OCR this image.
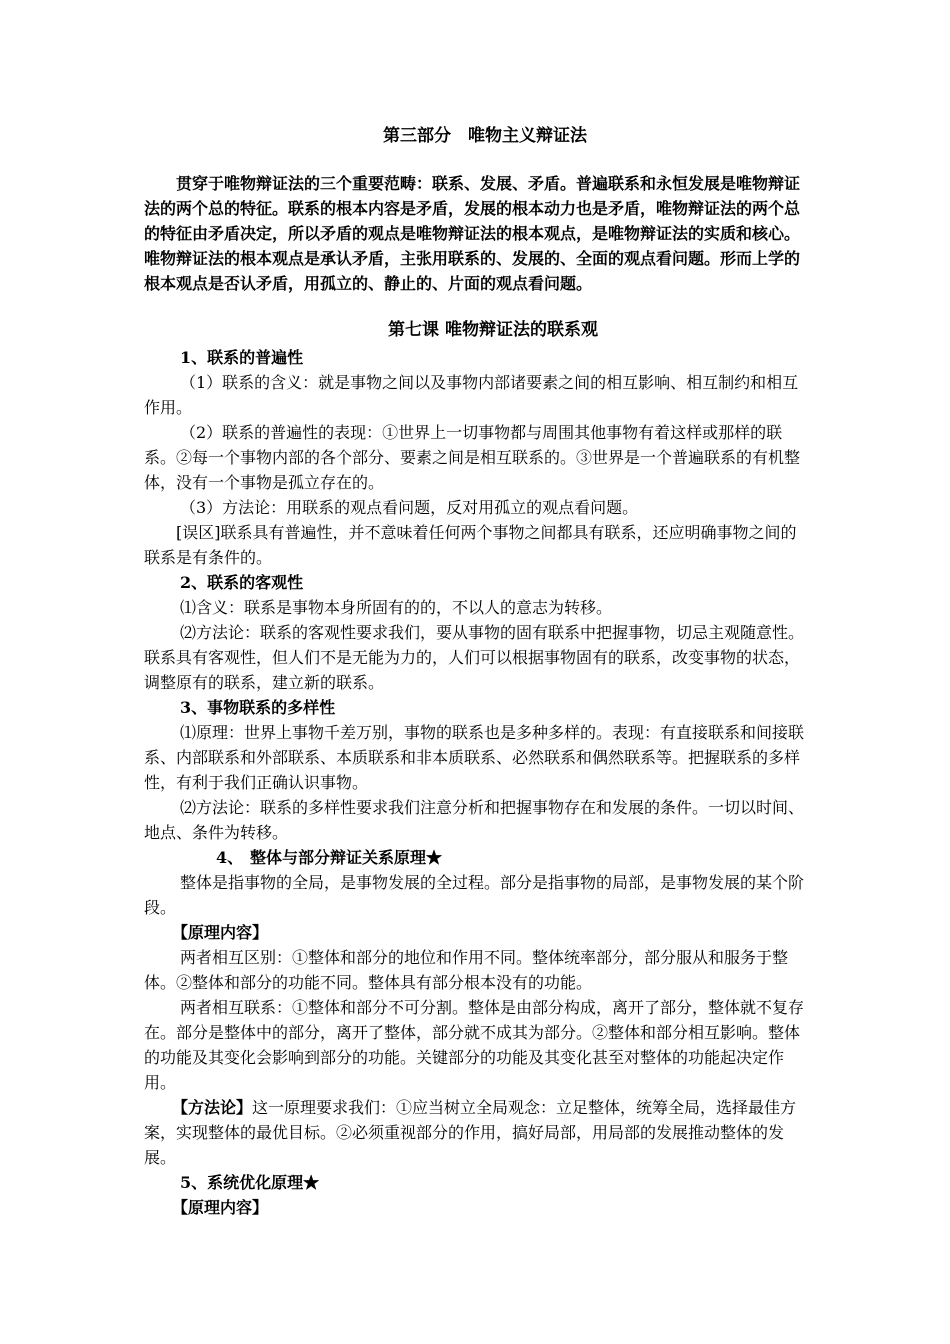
第三部分　唯物主义辩证法

贯穿于唯物辩证法的三个重要范畴：联系、发展、矛盾。普遍联系和永恒发展是唯物辩证法的两个总的特征。联系的根本内容是矛盾，发展的根本动力也是矛盾，唯物辩证法的两个总的特征由矛盾决定，所以矛盾的观点是唯物辩证法的根本观点，是唯物辩证法的实质和核心。唯物辩证法的根本观点是承认矛盾，主张用联系的、发展的、全面的观点看问题。形而上学的根本观点是否认矛盾，用孤立的、静止的、片面的观点看问题。

第七课 唯物辩证法的联系观

1、联系的普遍性

（1）联系的含义：就是事物之间以及事物内部诸要素之间的相互影响、相互制约和相互作用。

（2）联系的普遍性的表现：①世界上一切事物都与周围其他事物有着这样或那样的联系。②每一个事物内部的各个部分、要素之间是相互联系的。③世界是一个普遍联系的有机整体，没有一个事物是孤立存在的。

（3）方法论：用联系的观点看问题，反对用孤立的观点看问题。

[误区]联系具有普遍性，并不意味着任何两个事物之间都具有联系，还应明确事物之间的联系是有条件的。

2、联系的客观性

⑴含义：联系是事物本身所固有的的，不以人的意志为转移。

⑵方法论：联系的客观性要求我们，要从事物的固有联系中把握事物，切忌主观随意性。联系具有客观性，但人们不是无能为力的，人们可以根据事物固有的联系，改变事物的状态，调整原有的联系，建立新的联系。

3、事物联系的多样性

⑴原理：世界上事物千差万别，事物的联系也是多种多样的。表现：有直接联系和间接联系、内部联系和外部联系、本质联系和非本质联系、必然联系和偶然联系等。把握联系的多样性，有利于我们正确认识事物。

⑵方法论：联系的多样性要求我们注意分析和把握事物存在和发展的条件。一切以时间、地点、条件为转移。

4、 整体与部分辩证关系原理★

整体是指事物的全局，是事物发展的全过程。部分是指事物的局部，是事物发展的某个阶段。

【原理内容】

两者相互区别：①整体和部分的地位和作用不同。整体统率部分，部分服从和服务于整体。②整体和部分的功能不同。整体具有部分根本没有的功能。

两者相互联系：①整体和部分不可分割。整体是由部分构成，离开了部分，整体就不复存在。部分是整体中的部分，离开了整体，部分就不成其为部分。②整体和部分相互影响。整体的功能及其变化会影响到部分的功能。关键部分的功能及其变化甚至对整体的功能起决定作用。

【方法论】这一原理要求我们：①应当树立全局观念：立足整体，统筹全局，选择最佳方案，实现整体的最优目标。②必须重视部分的作用，搞好局部，用局部的发展推动整体的发展。

5、系统优化原理★

【原理内容】
